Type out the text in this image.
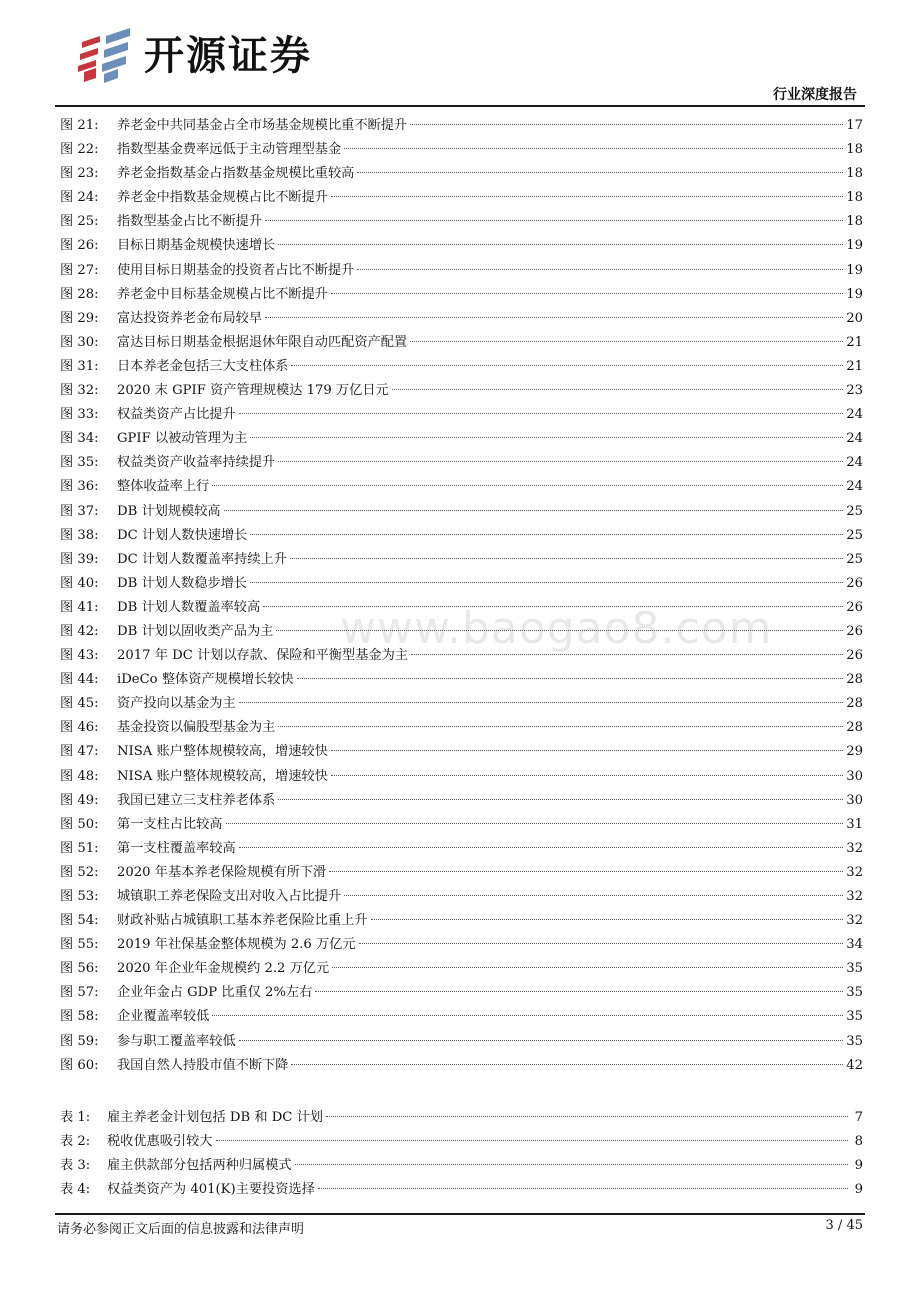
开源证券
行业深度报告
www.baogao8.com
图 21:	养老金中共同基金占全市场基金规模比重不断提升	17
图 22:	指数型基金费率远低于主动管理型基金	18
图 23:	养老金指数基金占指数基金规模比重较高	18
图 24:	养老金中指数基金规模占比不断提升	18
图 25:	指数型基金占比不断提升	18
图 26:	目标日期基金规模快速增长	19
图 27:	使用目标日期基金的投资者占比不断提升	19
图 28:	养老金中目标基金规模占比不断提升	19
图 29:	富达投资养老金布局较早	20
图 30:	富达目标日期基金根据退休年限自动匹配资产配置	21
图 31:	日本养老金包括三大支柱体系	21
图 32:	2020 末 GPIF 资产管理规模达 179 万亿日元	23
图 33:	权益类资产占比提升	24
图 34:	GPIF 以被动管理为主	24
图 35:	权益类资产收益率持续提升	24
图 36:	整体收益率上行	24
图 37:	DB 计划规模较高	25
图 38:	DC 计划人数快速增长	25
图 39:	DC 计划人数覆盖率持续上升	25
图 40:	DB 计划人数稳步增长	26
图 41:	DB 计划人数覆盖率较高	26
图 42:	DB 计划以固收类产品为主	26
图 43:	2017 年 DC 计划以存款、保险和平衡型基金为主	26
图 44:	iDeCo 整体资产规模增长较快	28
图 45:	资产投向以基金为主	28
图 46:	基金投资以偏股型基金为主	28
图 47:	NISA 账户整体规模较高，增速较快	29
图 48:	NISA 账户整体规模较高，增速较快	30
图 49:	我国已建立三支柱养老体系	30
图 50:	第一支柱占比较高	31
图 51:	第一支柱覆盖率较高	32
图 52:	2020 年基本养老保险规模有所下滑	32
图 53:	城镇职工养老保险支出对收入占比提升	32
图 54:	财政补贴占城镇职工基本养老保险比重上升	32
图 55:	2019 年社保基金整体规模为 2.6 万亿元	34
图 56:	2020 年企业年金规模约 2.2 万亿元	35
图 57:	企业年金占 GDP 比重仅 2%左右	35
图 58:	企业覆盖率较低	35
图 59:	参与职工覆盖率较低	35
图 60:	我国自然人持股市值不断下降	42
表 1:	雇主养老金计划包括 DB 和 DC 计划	7
表 2:	税收优惠吸引较大	8
表 3:	雇主供款部分包括两种归属模式	9
表 4:	权益类资产为 401(K)主要投资选择	9
请务必参阅正文后面的信息披露和法律声明	3 / 45
